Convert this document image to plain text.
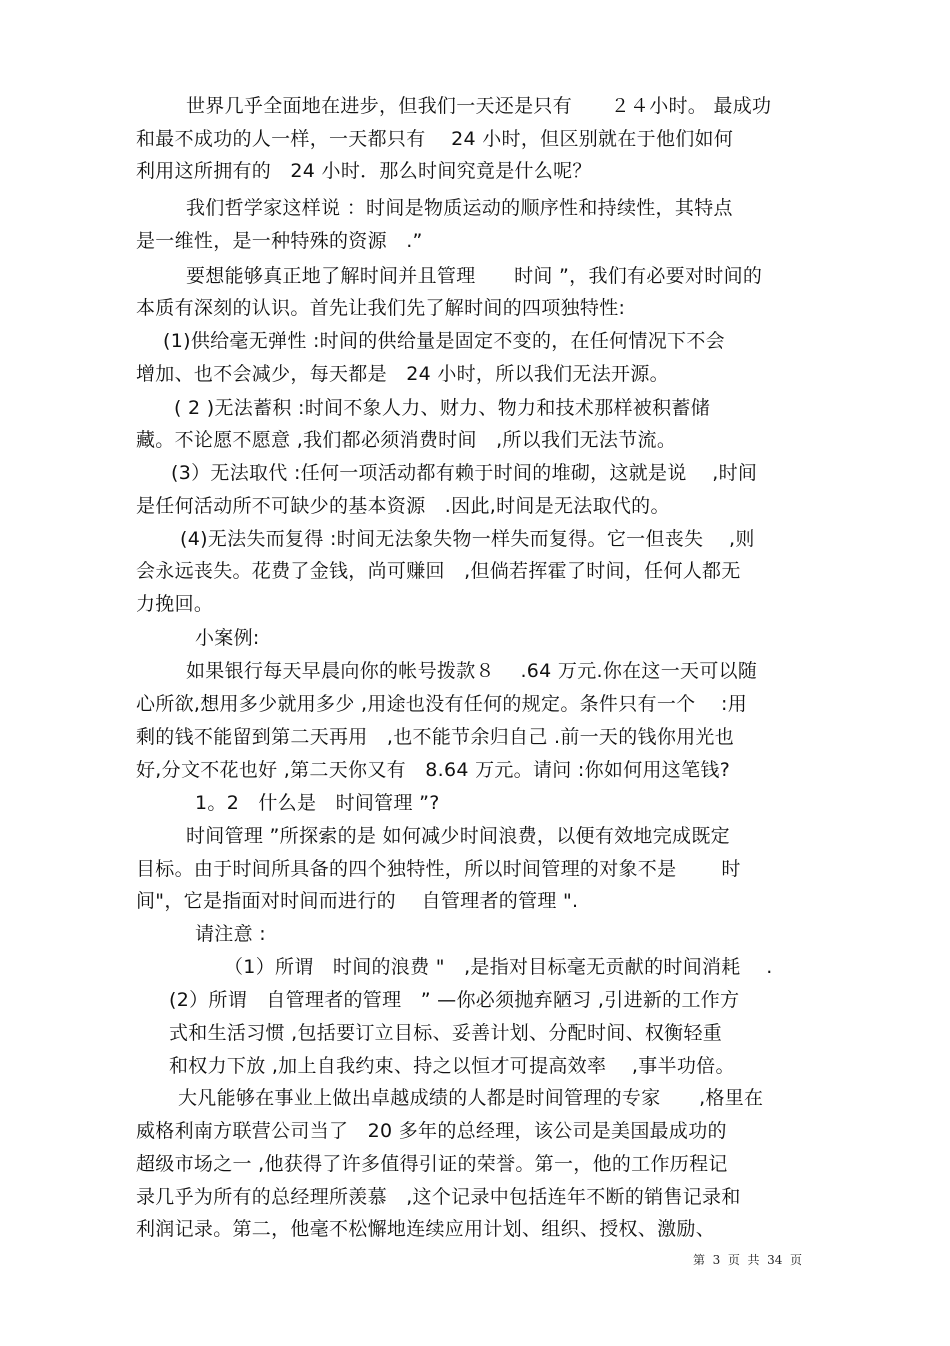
世界几乎全面地在进步，但我们一天还是只有　　２４小时。 最成功
和最不成功的人一样，一天都只有　 24 小时，但区别就在于他们如何
利用这所拥有的　24 小时．那么时间究竟是什么呢？
我们哲学家这样说 ：时间是物质运动的顺序性和持续性，其特点
是一维性，是一种特殊的资源　.”
要想能够真正地了解时间并且管理　　时间 ”，我们有必要对时间的
本质有深刻的认识。首先让我们先了解时间的四项独特性:
(1)供给毫无弹性 :时间的供给量是固定不变的，在任何情况下不会
增加、也不会减少，每天都是　24 小时，所以我们无法开源。
( 2 )无法蓄积 :时间不象人力、财力、物力和技术那样被积蓄储
藏。不论愿不愿意 ,我们都必须消费时间　,所以我们无法节流。
(3）无法取代 :任何一项活动都有赖于时间的堆砌，这就是说　 ,时间
是任何活动所不可缺少的基本资源　.因此,时间是无法取代的。
(4)无法失而复得 :时间无法象失物一样失而复得。它一但丧失　 ,则
会永远丧失。花费了金钱，尚可赚回　,但倘若挥霍了时间，任何人都无
力挽回。
小案例:
如果银行每天早晨向你的帐号拨款８　 .64 万元.你在这一天可以随
心所欲,想用多少就用多少 ,用途也没有任何的规定。条件只有一个　 :用
剩的钱不能留到第二天再用　,也不能节余归自己 .前一天的钱你用光也
好,分文不花也好 ,第二天你又有　8.64 万元。请问 :你如何用这笔钱?
1。2　什么是　时间管理 ”?
时间管理 ”所探索的是 如何减少时间浪费，以便有效地完成既定
目标。由于时间所具备的四个独特性，所以时间管理的对象不是　　 时
间"，它是指面对时间而进行的　 自管理者的管理 ".
请注意 :
（1）所谓　时间的浪费 "　,是指对目标毫无贡献的时间消耗　 .
(2）所谓　自管理者的管理　” —你必须抛弃陋习 ,引进新的工作方
式和生活习惯 ,包括要订立目标、妥善计划、分配时间、权衡轻重
和权力下放 ,加上自我约束、持之以恒才可提高效率　 ,事半功倍。
大凡能够在事业上做出卓越成绩的人都是时间管理的专家　　,格里在
威格利南方联营公司当了　20 多年的总经理，该公司是美国最成功的
超级市场之一 ,他获得了许多值得引证的荣誉。第一，他的工作历程记
录几乎为所有的总经理所羡慕　,这个记录中包括连年不断的销售记录和
利润记录。第二，他毫不松懈地连续应用计划、组织、授权、激励、
第  3  页  共  34  页
